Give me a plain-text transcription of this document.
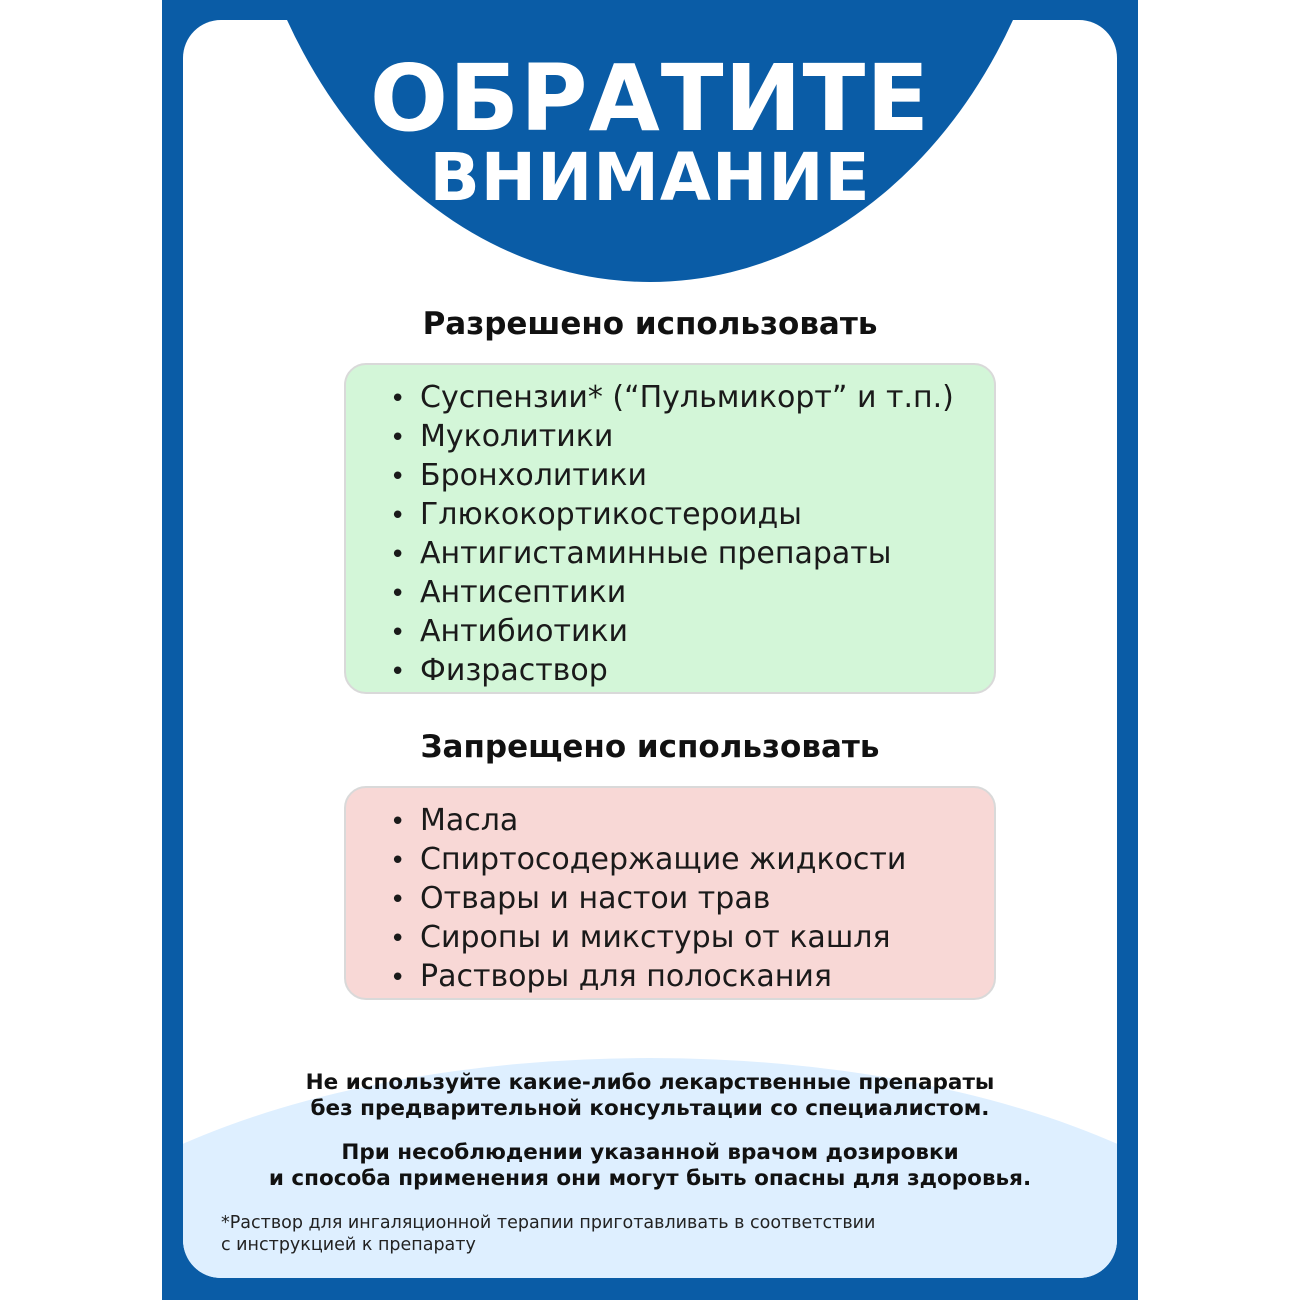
ОБРАТИТЕ
ВНИМАНИЕ
Разрешено использовать
• Суспензии* (“Пульмикорт” и т.п.)
• Муколитики
• Бронхолитики
• Глюкокортикостероиды
• Антигистаминные препараты
• Антисептики
• Антибиотики
• Физраствор
Запрещено использовать
• Масла
• Спиртосодержащие жидкости
• Отвары и настои трав
• Сиропы и микстуры от кашля
• Растворы для полоскания
Не используйте какие-либо лекарственные препараты
без предварительной консультации со специалистом.
При несоблюдении указанной врачом дозировки
и способа применения они могут быть опасны для здоровья.
*Раствор для ингаляционной терапии приготавливать в соответствии
с инструкцией к препарату
